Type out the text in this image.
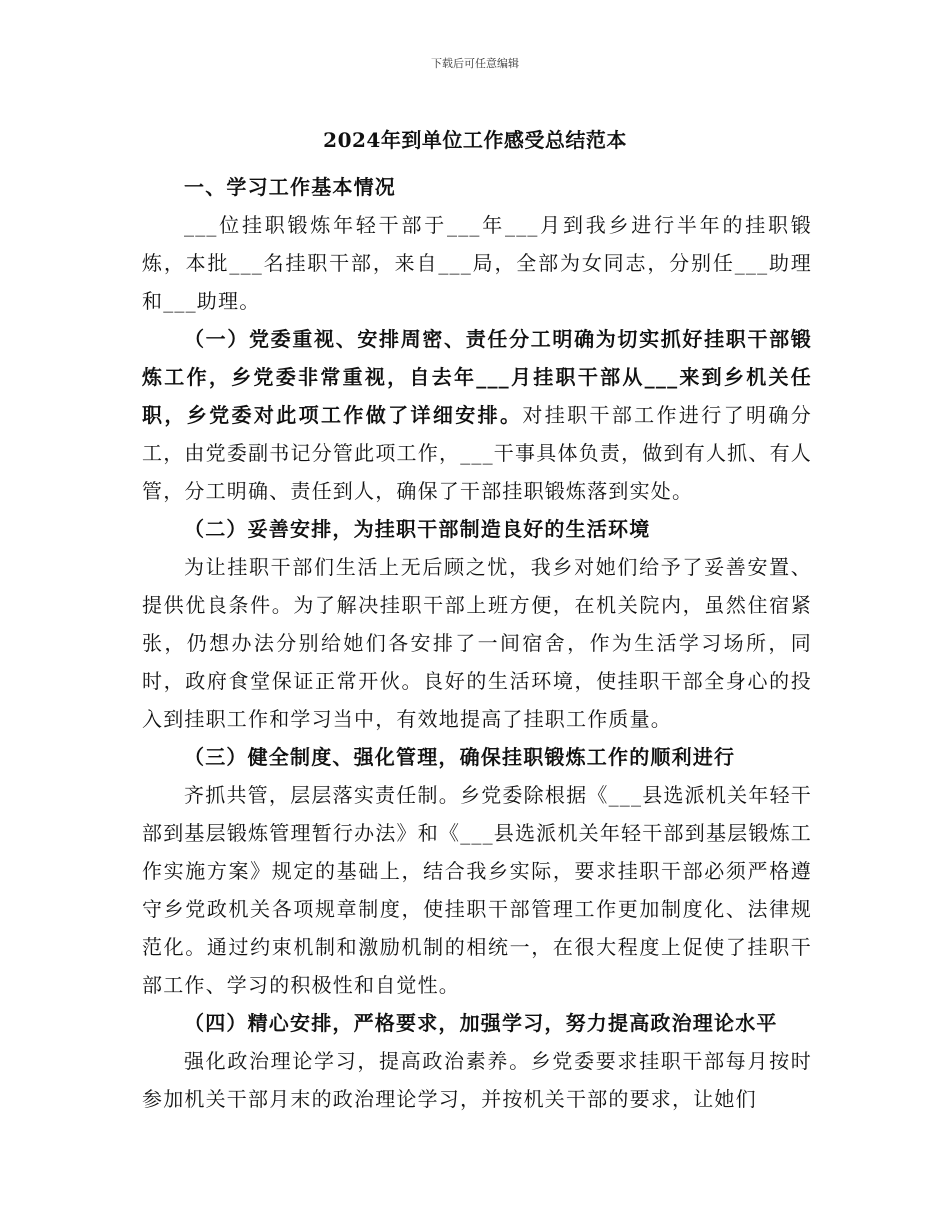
下载后可任意编辑
2024年到单位工作感受总结范本

一、学习工作基本情况

___位挂职锻炼年轻干部于___年___月到我乡进行半年的挂职锻炼，本批___名挂职干部，来自___局，全部为女同志，分别任___助理和___助理。

（一）党委重视、安排周密、责任分工明确为切实抓好挂职干部锻炼工作，乡党委非常重视，自去年___月挂职干部从___来到乡机关任职，乡党委对此项工作做了详细安排。对挂职干部工作进行了明确分工，由党委副书记分管此项工作，___干事具体负责，做到有人抓、有人管，分工明确、责任到人，确保了干部挂职锻炼落到实处。

（二）妥善安排，为挂职干部制造良好的生活环境

为让挂职干部们生活上无后顾之忧，我乡对她们给予了妥善安置、提供优良条件。为了解决挂职干部上班方便，在机关院内，虽然住宿紧张，仍想办法分别给她们各安排了一间宿舍，作为生活学习场所，同时，政府食堂保证正常开伙。良好的生活环境，使挂职干部全身心的投入到挂职工作和学习当中，有效地提高了挂职工作质量。

（三）健全制度、强化管理，确保挂职锻炼工作的顺利进行

齐抓共管，层层落实责任制。乡党委除根据《___县选派机关年轻干部到基层锻炼管理暂行办法》和《___县选派机关年轻干部到基层锻炼工作实施方案》规定的基础上，结合我乡实际，要求挂职干部必须严格遵守乡党政机关各项规章制度，使挂职干部管理工作更加制度化、法律规范化。通过约束机制和激励机制的相统一，在很大程度上促使了挂职干部工作、学习的积极性和自觉性。

（四）精心安排，严格要求，加强学习，努力提高政治理论水平

强化政治理论学习，提高政治素养。乡党委要求挂职干部每月按时参加机关干部月末的政治理论学习，并按机关干部的要求，让她们
